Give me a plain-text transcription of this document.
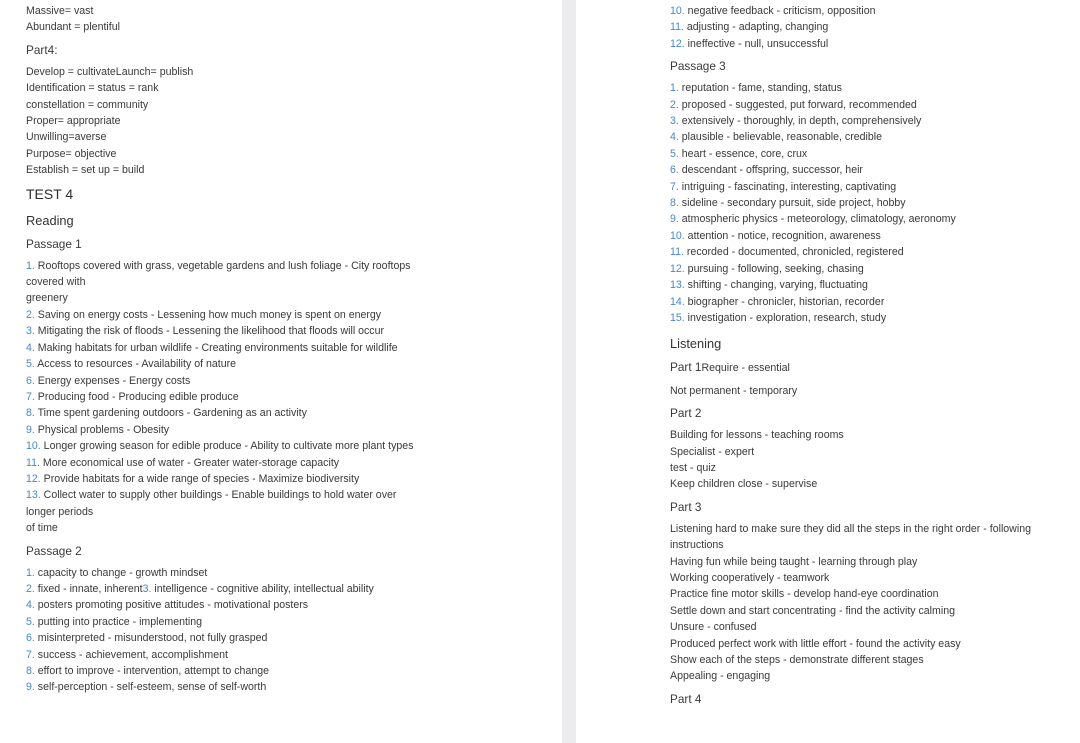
Massive= vast
Abundant = plentiful
Part4:
Develop = cultivateLaunch= publish
Identification = status = rank
constellation = community
Proper= appropriate
Unwilling=averse
Purpose= objective
Establish = set up = build
TEST 4
Reading
Passage 1
1. Rooftops covered with grass, vegetable gardens and lush foliage - City rooftops
covered with
greenery
2. Saving on energy costs - Lessening how much money is spent on energy
3. Mitigating the risk of floods - Lessening the likelihood that floods will occur
4. Making habitats for urban wildlife - Creating environments suitable for wildlife
5. Access to resources - Availability of nature
6. Energy expenses - Energy costs
7. Producing food - Producing edible produce
8. Time spent gardening outdoors - Gardening as an activity
9. Physical problems - Obesity
10. Longer growing season for edible produce - Ability to cultivate more plant types
11. More economical use of water - Greater water-storage capacity
12. Provide habitats for a wide range of species - Maximize biodiversity
13. Collect water to supply other buildings - Enable buildings to hold water over
longer periods
of time
Passage 2
1. capacity to change - growth mindset
2. fixed - innate, inherent3. intelligence - cognitive ability, intellectual ability
4. posters promoting positive attitudes - motivational posters
5. putting into practice - implementing
6. misinterpreted - misunderstood, not fully grasped
7. success - achievement, accomplishment
8. effort to improve - intervention, attempt to change
9. self-perception - self-esteem, sense of self-worth
10. negative feedback - criticism, opposition
11. adjusting - adapting, changing
12. ineffective - null, unsuccessful
Passage 3
1. reputation - fame, standing, status
2. proposed - suggested, put forward, recommended
3. extensively - thoroughly, in depth, comprehensively
4. plausible - believable, reasonable, credible
5. heart - essence, core, crux
6. descendant - offspring, successor, heir
7. intriguing - fascinating, interesting, captivating
8. sideline - secondary pursuit, side project, hobby
9. atmospheric physics - meteorology, climatology, aeronomy
10. attention - notice, recognition, awareness
11. recorded - documented, chronicled, registered
12. pursuing - following, seeking, chasing
13. shifting - changing, varying, fluctuating
14. biographer - chronicler, historian, recorder
15. investigation - exploration, research, study
Listening
Part 1Require - essential
Not permanent - temporary
Part 2
Building for lessons - teaching rooms
Specialist - expert
test - quiz
Keep children close - supervise
Part 3
Listening hard to make sure they did all the steps in the right order - following
instructions
Having fun while being taught - learning through play
Working cooperatively - teamwork
Practice fine motor skills - develop hand-eye coordination
Settle down and start concentrating - find the activity calming
Unsure - confused
Produced perfect work with little effort - found the activity easy
Show each of the steps - demonstrate different stages
Appealing - engaging
Part 4
